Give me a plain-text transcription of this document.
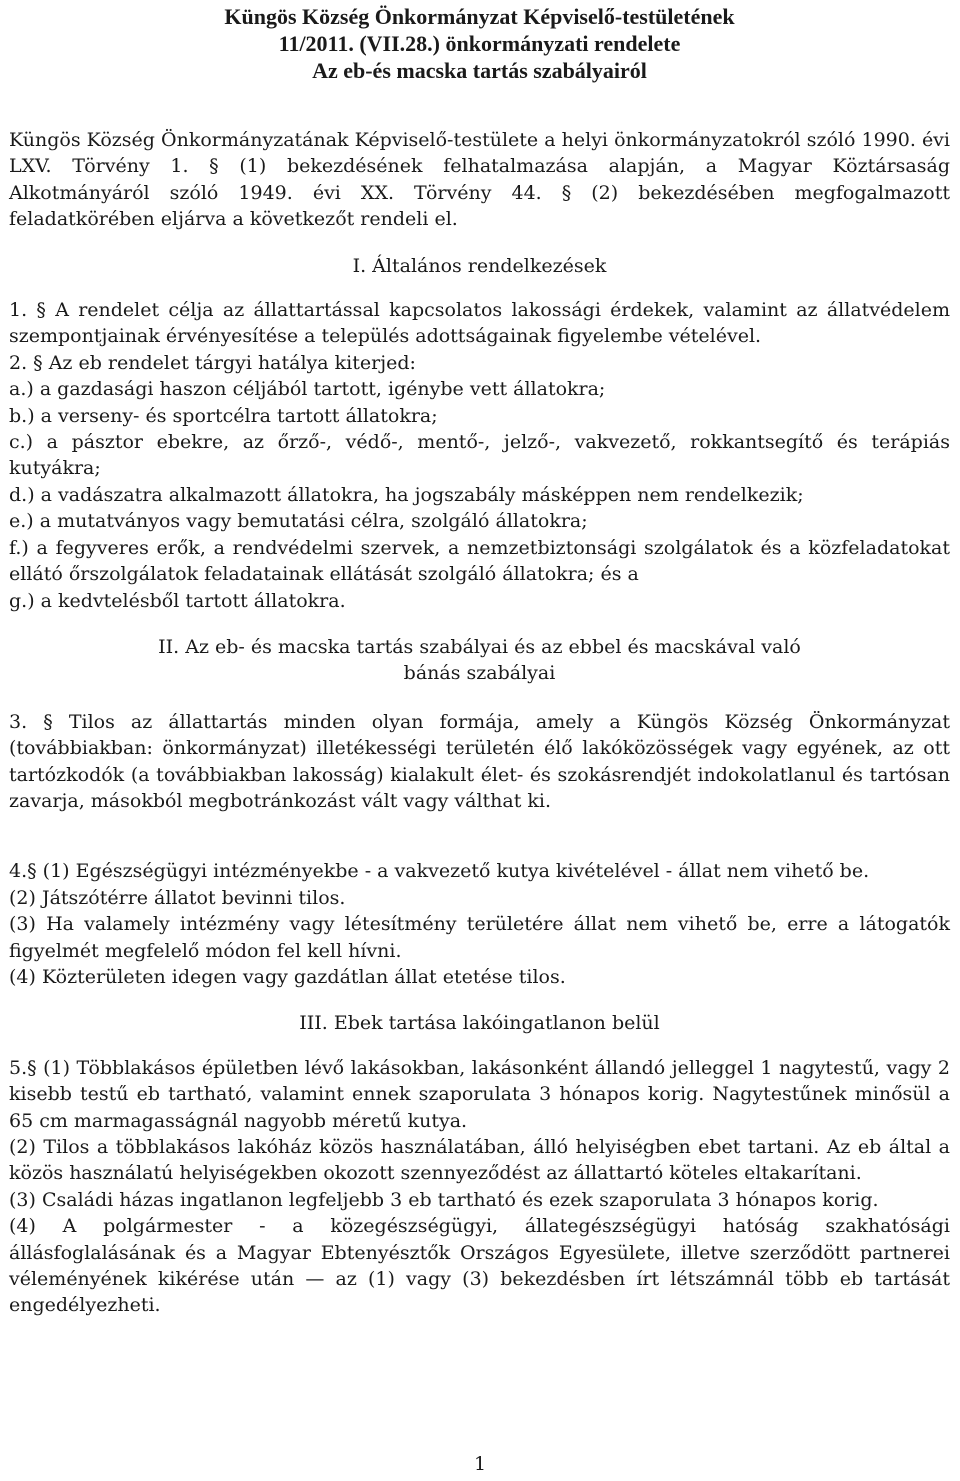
Küngös Község Önkormányzat Képviselő-testületének
11/2011. (VII.28.) önkormányzati rendelete
Az eb-és macska tartás szabályairól

Küngös Község Önkormányzatának Képviselő-testülete a helyi önkormányzatokról szóló 1990. évi LXV. Törvény 1. § (1) bekezdésének felhatalmazása alapján, a Magyar Köztársaság Alkotmányáról szóló 1949. évi XX. Törvény 44. § (2) bekezdésében megfogalmazott feladatkörében eljárva a következőt rendeli el.

I. Általános rendelkezések

1. § A rendelet célja az állattartással kapcsolatos lakossági érdekek, valamint az állatvédelem szempontjainak érvényesítése a település adottságainak figyelembe vételével.

2. § Az eb rendelet tárgyi hatálya kiterjed:

a.) a gazdasági haszon céljából tartott, igénybe vett állatokra;

b.) a verseny- és sportcélra tartott állatokra;

c.) a pásztor ebekre, az őrző-, védő-, mentő-, jelző-, vakvezető, rokkantsegítő és terápiás kutyákra;

d.) a vadászatra alkalmazott állatokra, ha jogszabály másképpen nem rendelkezik;

e.) a mutatványos vagy bemutatási célra, szolgáló állatokra;

f.) a fegyveres erők, a rendvédelmi szervek, a nemzetbiztonsági szolgálatok és a közfeladatokat ellátó őrszolgálatok feladatainak ellátását szolgáló állatokra; és a

g.) a kedvtelésből tartott állatokra.

II. Az eb- és macska tartás szabályai és az ebbel és macskával való
bánás szabályai

3. § Tilos az állattartás minden olyan formája, amely a Küngös Község Önkormányzat (továbbiakban: önkormányzat) illetékességi területén élő lakóközösségek vagy egyének, az ott tartózkodók (a továbbiakban lakosság) kialakult élet- és szokásrendjét indokolatlanul és tartósan zavarja, másokból megbotránkozást vált vagy válthat ki.

4.§ (1) Egészségügyi intézményekbe - a vakvezető kutya kivételével - állat nem vihető be.

(2) Játszótérre állatot bevinni tilos.

(3) Ha valamely intézmény vagy létesítmény területére állat nem vihető be, erre a látogatók figyelmét megfelelő módon fel kell hívni.

(4) Közterületen idegen vagy gazdátlan állat etetése tilos.

III. Ebek tartása lakóingatlanon belül

5.§ (1) Többlakásos épületben lévő lakásokban, lakásonként állandó jelleggel 1 nagytestű, vagy 2 kisebb testű eb tartható, valamint ennek szaporulata 3 hónapos korig. Nagytestűnek minősül a 65 cm marmagasságnál nagyobb méretű kutya.

(2) Tilos a többlakásos lakóház közös használatában, álló helyiségben ebet tartani. Az eb által a közös használatú helyiségekben okozott szennyeződést az állattartó köteles eltakarítani.

(3) Családi házas ingatlanon legfeljebb 3 eb tartható és ezek szaporulata 3 hónapos korig.

(4) A polgármester - a közegészségügyi, állategészségügyi hatóság szakhatósági állásfoglalásának és a Magyar Ebtenyésztők Országos Egyesülete, illetve szerződött partnerei véleményének kikérése után — az (1) vagy (3) bekezdésben írt létszámnál több eb tartását engedélyezheti.

1
